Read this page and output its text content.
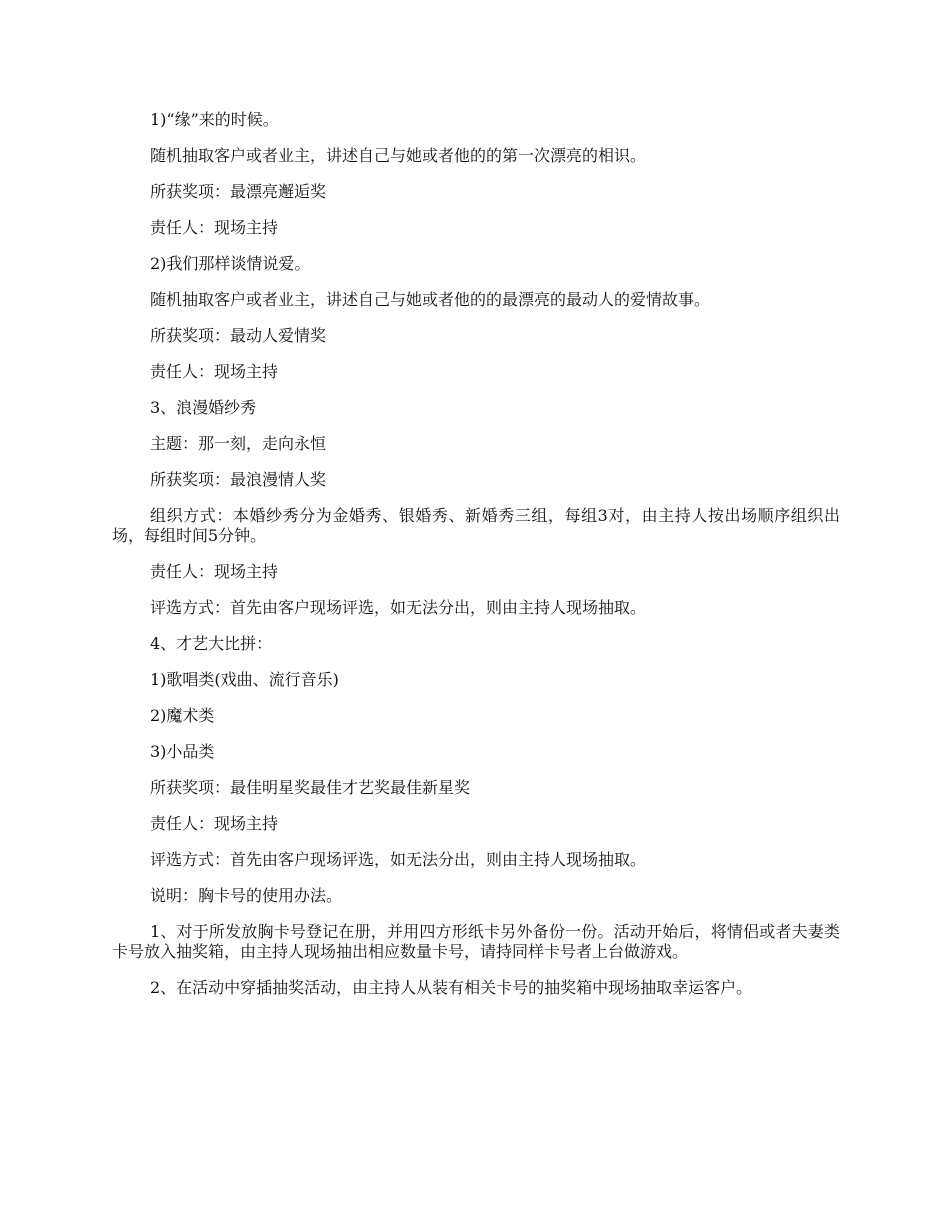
1)“缘”来的时候。

随机抽取客户或者业主，讲述自己与她或者他的的第一次漂亮的相识。

所获奖项：最漂亮邂逅奖

责任人：现场主持

2)我们那样谈情说爱。

随机抽取客户或者业主，讲述自己与她或者他的的最漂亮的最动人的爱情故事。

所获奖项：最动人爱情奖

责任人：现场主持

3、浪漫婚纱秀

主题：那一刻，走向永恒

所获奖项：最浪漫情人奖

组织方式：本婚纱秀分为金婚秀、银婚秀、新婚秀三组，每组3对，由主持人按出场顺序组织出场，每组时间5分钟。

责任人：现场主持

评选方式：首先由客户现场评选，如无法分出，则由主持人现场抽取。

4、才艺大比拼：

1)歌唱类(戏曲、流行音乐)

2)魔术类

3)小品类

所获奖项：最佳明星奖最佳才艺奖最佳新星奖

责任人：现场主持

评选方式：首先由客户现场评选，如无法分出，则由主持人现场抽取。

说明：胸卡号的使用办法。

1、对于所发放胸卡号登记在册，并用四方形纸卡另外备份一份。活动开始后，将情侣或者夫妻类卡号放入抽奖箱，由主持人现场抽出相应数量卡号，请持同样卡号者上台做游戏。

2、在活动中穿插抽奖活动，由主持人从装有相关卡号的抽奖箱中现场抽取幸运客户。
